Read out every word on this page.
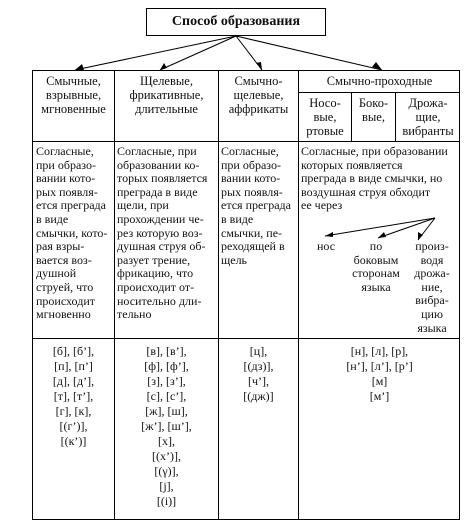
Способ образования
Смычные,
взрывные,
мгновенные
Щелевые,
фрикативные,
длительные
Смычно-
щелевые,
аффрикаты
Смычно-проходные
Носо-
вые,
ртовые
Боко-
вые,
Дрожа-
щие,
вибранты
Согласные,
при образо-
вании кото-
рых появля-
ется преграда
в виде
смычки, кото-
рая взры-
вается воз-
душной
струей, что
происходит
мгновенно
Согласные, при
образовании ко-
торых появляется
преграда в виде
щели, при
прохождении че-
рез которую воз-
душная струя об-
разует трение,
фрикацию, что
происходит от-
носительно дли-
тельно
Согласные,
при образо-
вании кото-
рых появля-
ется преграда
в виде
смычки, пе-
реходящей в
щель
Согласные, при образовании
которых появляется
преграда в виде смычки, но
воздушная струя обходит
ее через
нос	по
боковым
сторонам
языка
произ-
водя
дрожа-
ние,
вибра-
цию
языка
[б], [б’],
[п], [п’]
[д], [д’],
[т], [т’],
[г], [к],
[(г’)],
[(к’)]
[в], [в’],
[ф], [ф’],
[з], [з’],
[с], [с’],
[ж], [ш],
[ж’], [ш’],
[х],
[(х’)],
[(γ)],
[j],
[(i)]
[ц],
[(дз)],
[ч’],
[(дж)]
[н], [л], [р],
[н’], [л’], [р’]
[м]
[м’]
